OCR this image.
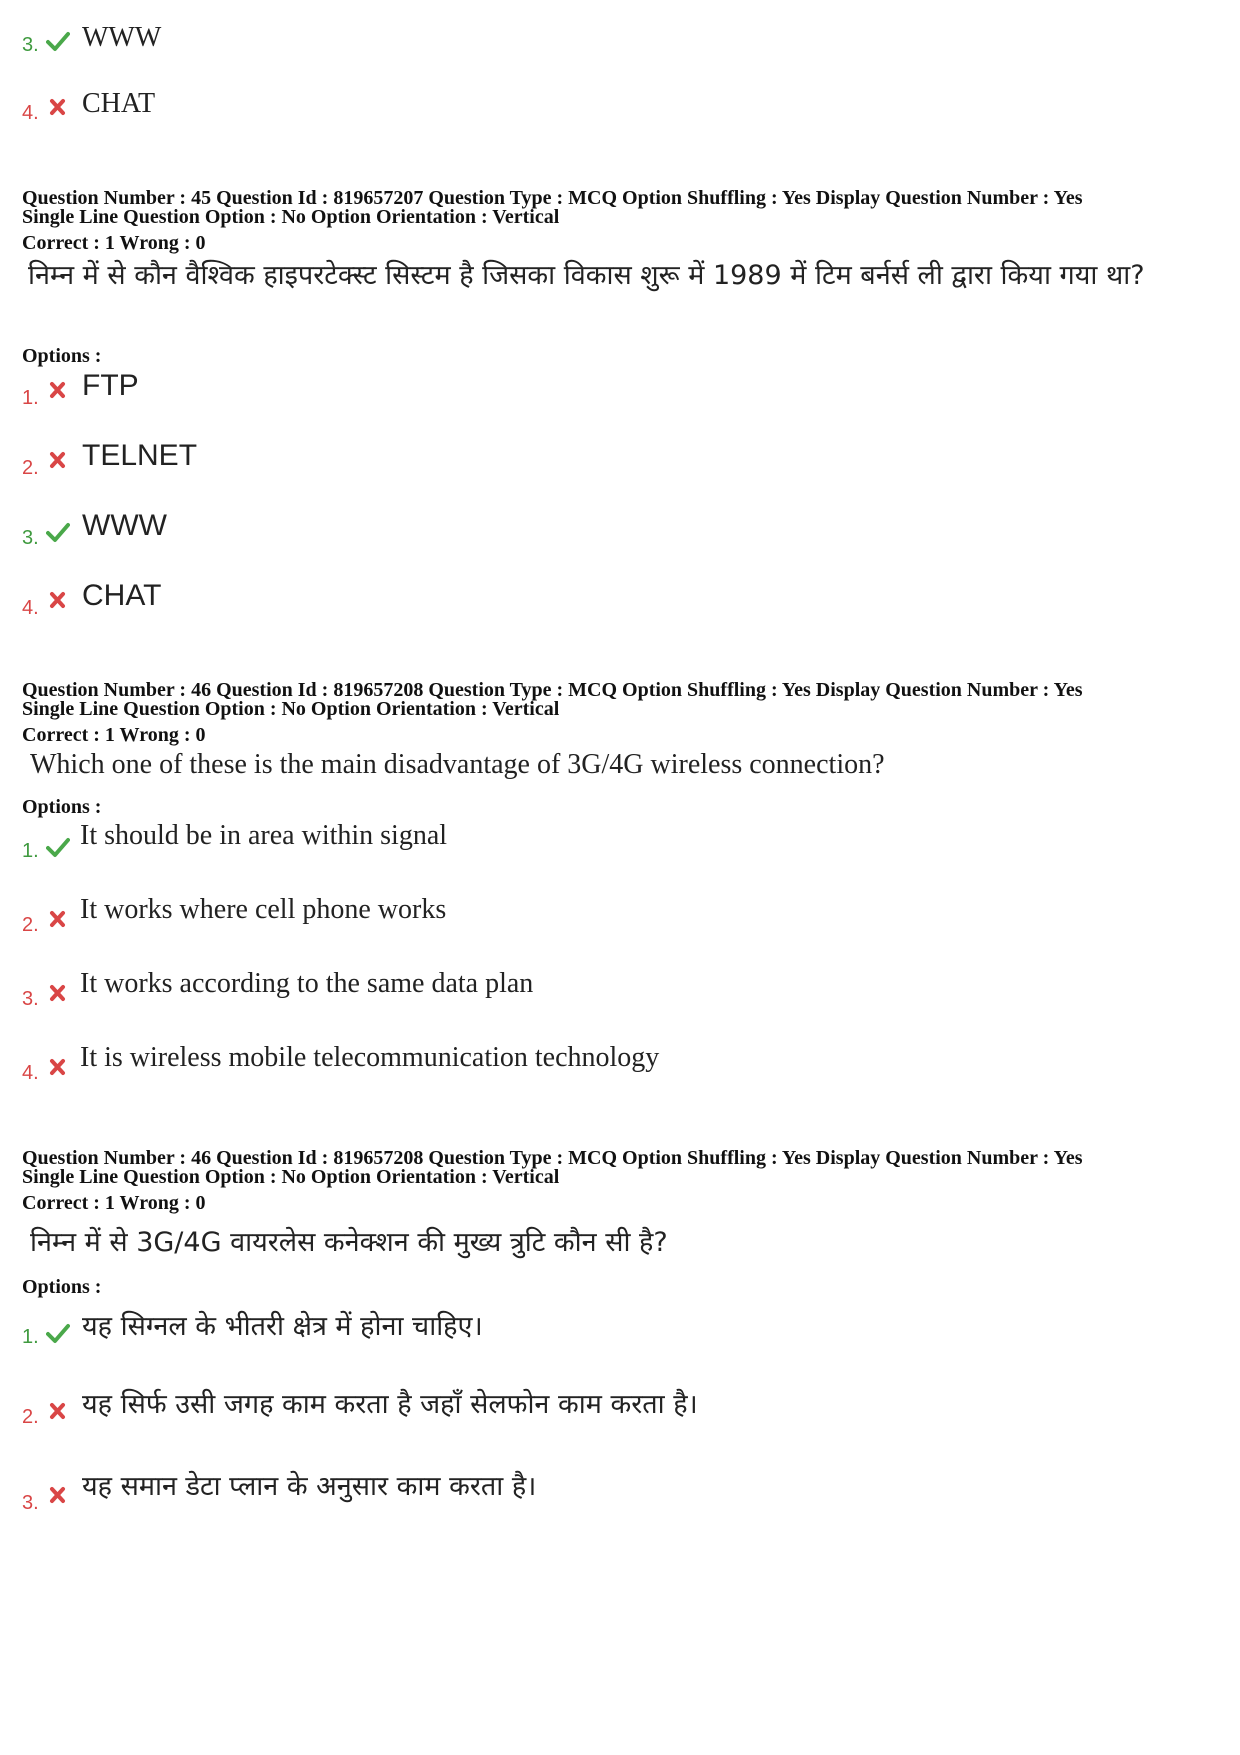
3. WWW
4. CHAT
Question Number : 45 Question Id : 819657207 Question Type : MCQ Option Shuffling : Yes Display Question Number : Yes
Single Line Question Option : No Option Orientation : Vertical
Correct : 1 Wrong : 0
निम्न में से कौन वैश्विक हाइपरटेक्स्ट सिस्टम है जिसका विकास शुरू में 1989 में टिम बर्नर्स ली द्वारा किया गया था?
Options :
1. FTP
2. TELNET
3. WWW
4. CHAT
Question Number : 46 Question Id : 819657208 Question Type : MCQ Option Shuffling : Yes Display Question Number : Yes
Single Line Question Option : No Option Orientation : Vertical
Correct : 1 Wrong : 0
Which one of these is the main disadvantage of 3G/4G wireless connection?
Options :
1. It should be in area within signal
2. It works where cell phone works
3. It works according to the same data plan
4. It is wireless mobile telecommunication technology
Question Number : 46 Question Id : 819657208 Question Type : MCQ Option Shuffling : Yes Display Question Number : Yes
Single Line Question Option : No Option Orientation : Vertical
Correct : 1 Wrong : 0
निम्न में से 3G/4G वायरलेस कनेक्शन की मुख्य त्रुटि कौन सी है?
Options :
1. यह सिग्नल के भीतरी क्षेत्र में होना चाहिए।
2. यह सिर्फ उसी जगह काम करता है जहाँ सेलफोन काम करता है।
3.
यह समान डेटा प्लान के अनुसार काम करता है।
